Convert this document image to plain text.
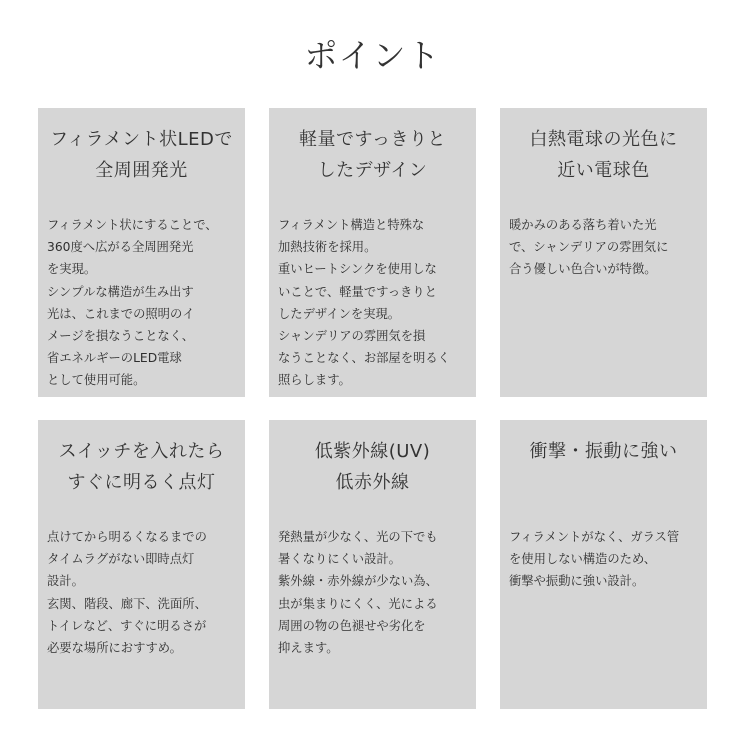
ポイント
フィラメント状LEDで
全周囲発光

フィラメント状にすることで、
360度へ広がる全周囲発光
を実現。
シンプルな構造が生み出す
光は、これまでの照明のイ
メージを損なうことなく、
省エネルギーのLED電球
として使用可能。

軽量ですっきりと
したデザイン

フィラメント構造と特殊な
加熱技術を採用。
重いヒートシンクを使用しな
いことで、軽量ですっきりと
したデザインを実現。
シャンデリアの雰囲気を損
なうことなく、お部屋を明るく
照らします。

白熱電球の光色に
近い電球色

暖かみのある落ち着いた光
で、シャンデリアの雰囲気に
合う優しい色合いが特徴。

スイッチを入れたら
すぐに明るく点灯

点けてから明るくなるまでの
タイムラグがない即時点灯
設計。
玄関、階段、廊下、洗面所、
トイレなど、すぐに明るさが
必要な場所におすすめ。

低紫外線(UV)
低赤外線

発熱量が少なく、光の下でも
暑くなりにくい設計。
紫外線・赤外線が少ない為、
虫が集まりにくく、光による
周囲の物の色褪せや劣化を
抑えます。

衝撃・振動に強い

フィラメントがなく、ガラス管
を使用しない構造のため、
衝撃や振動に強い設計。
